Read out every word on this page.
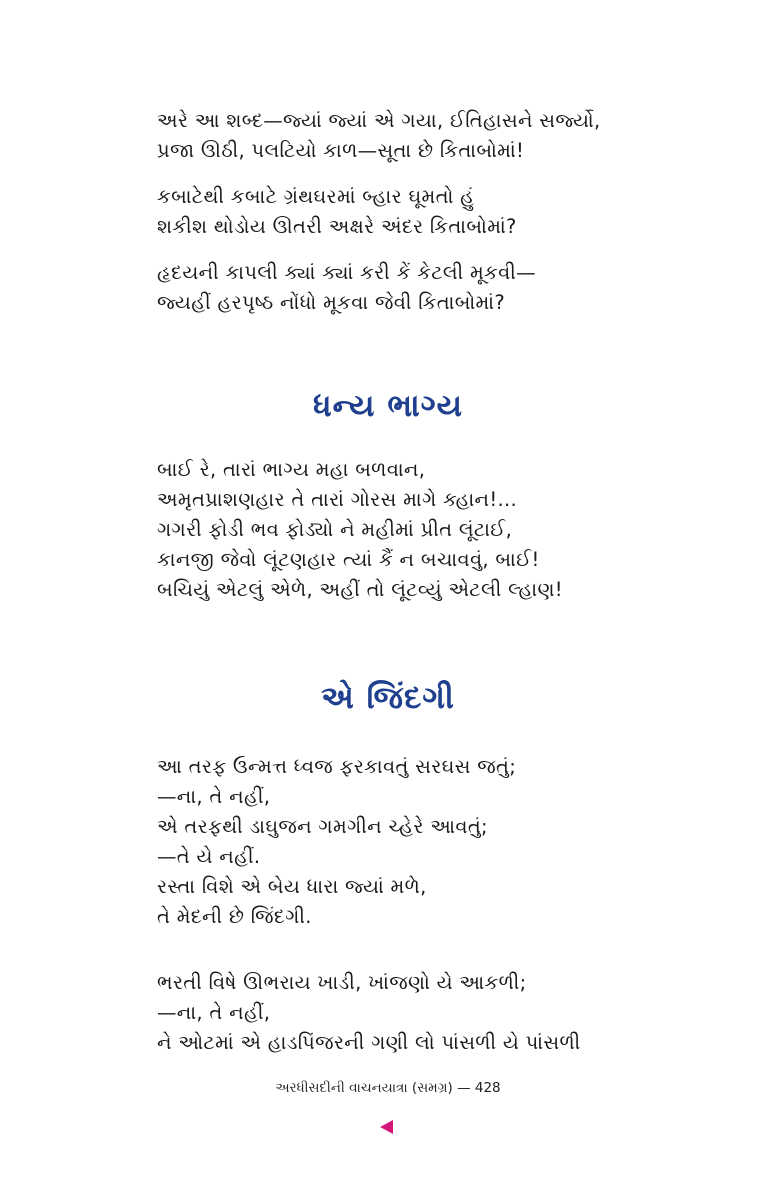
અરે આ શબ્દ—જ્યાં જ્યાં એ ગયા, ઈતિહાસને સર્જ્યો,
પ્રજા ઊઠી, પલટિયો કાળ—સૂતા છે કિતાબોમાં!
કબાટેથી કબાટે ગ્રંથઘરમાં બ્હાર ઘૂમતો હું
શકીશ થોડોય ઊતરી અક્ષરે અંદર કિતાબોમાં?
હૃદયની કાપલી ક્યાં ક્યાં કરી કેં કેટલી મૂકવી—
જ્યહીં હરપૃષ્ઠ નોંધો મૂકવા જેવી કિતાબોમાં?
ધન્ય ભાગ્ય
બાઈ રે, તારાં ભાગ્ય મહા બળવાન,
અમૃતપ્રાશણહાર તે તારાં ગોરસ માગે ક્હાન!...
ગગરી ફોડી ભવ ફોડ્યો ને મહીમાં પ્રીત લૂંટાઈ,
કાનજી જેવો લૂંટણહાર ત્યાં કૈં ન બચાવવું, બાઈ!
બચિયું એટલું એળે, અહીં તો લૂંટવ્યું એટલી લ્હાણ!
એ જિંદગી
આ તરફ ઉન્મત્ત ધ્વજ ફરકાવતું સરઘસ જતું;
—ના, તે નહીં,
એ તરફથી ડાઘુજન ગમગીન ચ્હેરે આવતું;
—તે યે નહીં.
રસ્તા વિશે એ બેય ધારા જ્યાં મળે,
તે મેદની છે જિંદગી.
ભરતી વિષે ઊભરાય ખાડી, ખાંજણો યે આકળી;
—ના, તે નહીં,
ને ઓટમાં એ હાડપિંજરની ગણી લો પાંસળી યે પાંસળી
અરધીસદીની વાચનયાત્રા (સમગ્ર) — 428
